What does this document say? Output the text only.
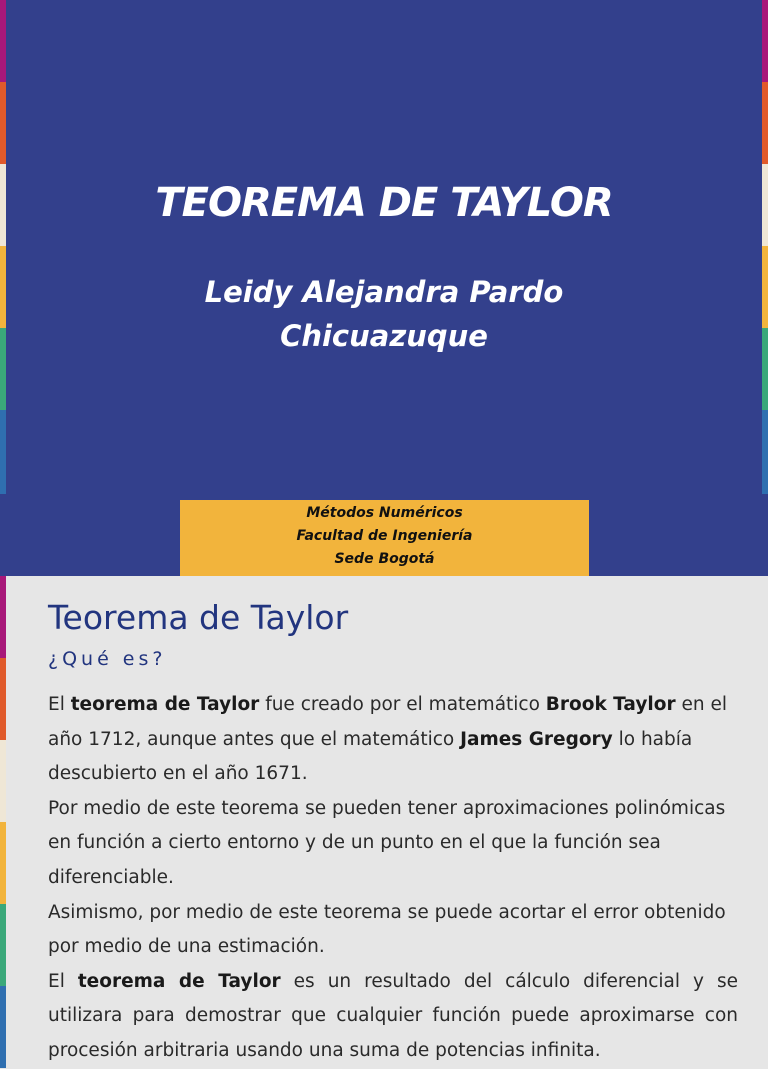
TEOREMA DE TAYLOR
Leidy Alejandra Pardo
Chicuazuque
Métodos Numéricos
Facultad de Ingeniería
Sede Bogotá
Teorema de Taylor
¿Qué es?

El teorema de Taylor fue creado por el matemático Brook Taylor en el año 1712, aunque antes que el matemático James Gregory lo había descubierto en el año 1671.

Por medio de este teorema se pueden tener aproximaciones polinómicas en función a cierto entorno y de un punto en el que la función sea diferenciable.

Asimismo, por medio de este teorema se puede acortar el error obtenido por medio de una estimación.

El teorema de Taylor es un resultado del cálculo diferencial y se utilizara para demostrar que cualquier función puede aproximarse con procesión arbitraria usando una suma de potencias infinita.
